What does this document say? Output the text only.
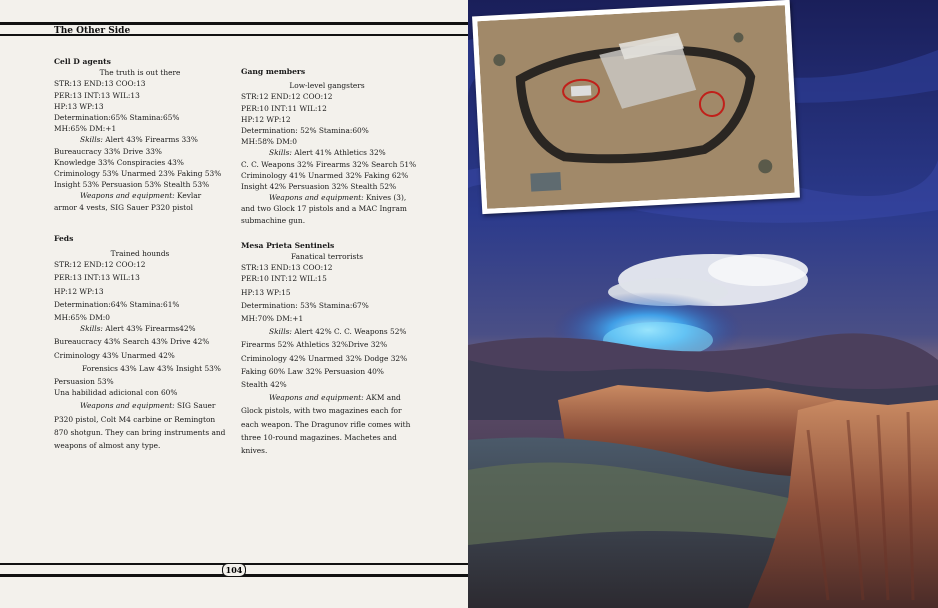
The Other Side
Cell D agents
The truth is out there
STR:13 END:13 COO:13
PER:13 INT:13 WIL:13
HP:13 WP:13
Determination:65% Stamina:65%
MH:65% DM:+1
Skills: Alert 43% Firearms 33%
Bureaucracy 33% Drive 33%
Knowledge 33% Conspiracies 43%
Criminology 53% Unarmed 23% Faking 53%
Insight 53% Persuasion 53% Stealth 53%
Weapons and equipment: Kevlar
armor 4 vests, SIG Sauer P320 pistol
Feds
Trained hounds
STR:12 END:12 COO:12
PER:13 INT:13 WIL:13
HP:12 WP:13
Determination:64% Stamina:61%
MH:65% DM:0
Skills: Alert 43% Firearms42%
Bureaucracy 43% Search 43% Drive 42%
Criminology 43% Unarmed 42%
Forensics 43% Law 43% Insight 53%
Persuasion 53%
Una habilidad adicional con 60%
Weapons and equipment: SIG Sauer
P320 pistol, Colt M4 carbine or Remington
870 shotgun. They can bring instruments and
weapons of almost any type.
Gang members
Low-level gangsters
STR:12 END:12 COO:12
PER:10 INT:11 WIL:12
HP:12 WP:12
Determination: 52% Stamina:60%
MH:58% DM:0
Skills: Alert 41% Athletics 32%
C. C. Weapons 32% Firearms 32% Search 51%
Criminology 41% Unarmed 32% Faking 62%
Insight 42% Persuasion 32% Stealth 52%
Weapons and equipment: Knives (3),
and two Glock 17 pistols and a MAC Ingram
submachine gun.
Mesa Prieta Sentinels
Fanatical terrorists
STR:13 END:13 COO:12
PER:10 INT:12 WIL:15
HP:13 WP:15
Determination: 53% Stamina:67%
MH:70% DM:+1
Skills: Alert 42% C. C. Weapons 52%
Firearms 52% Athletics 32%Drive 32%
Criminology 42% Unarmed 32% Dodge 32%
Faking 60% Law 32% Persuasion 40%
Stealth 42%
Weapons and equipment: AKM and
Glock pistols, with two magazines each for
each weapon. The Dragunov rifle comes with
three 10-round magazines. Machetes and
knives.
104
